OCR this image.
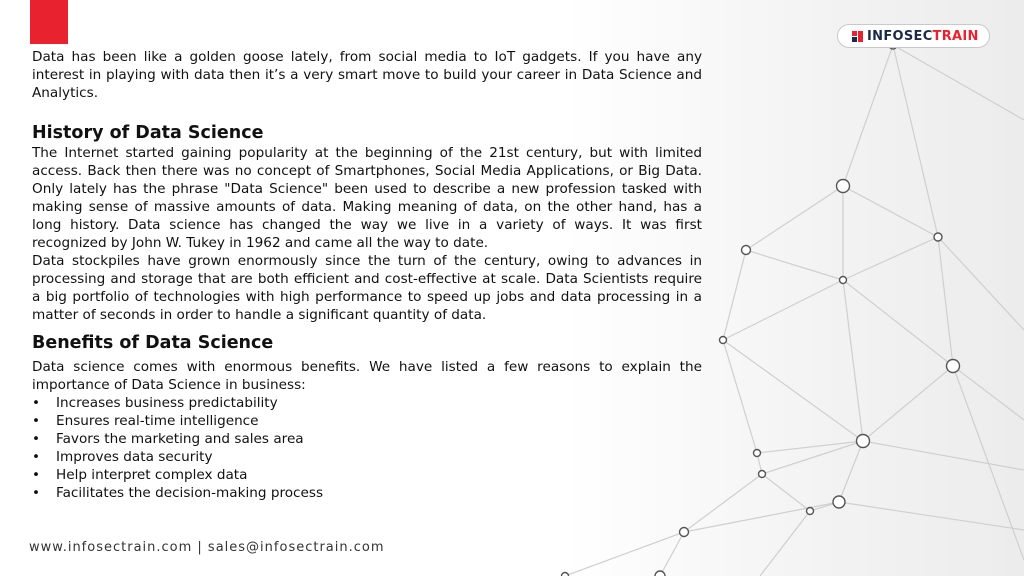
INFOSEC TRAIN

Data has been like a golden goose lately, from social media to IoT gadgets. If you have any interest in playing with data then it’s a very smart move to build your career in Data Science and Analytics.

History of Data Science

The Internet started gaining popularity at the beginning of the 21st century, but with limited access. Back then there was no concept of Smartphones, Social Media Applications, or Big Data. Only lately has the phrase "Data Science" been used to describe a new profession tasked with making sense of massive amounts of data. Making meaning of data, on the other hand, has a long history. Data science has changed the way we live in a variety of ways. It was first recognized by John W. Tukey in 1962 and came all the way to date.

Data stockpiles have grown enormously since the turn of the century, owing to advances in processing and storage that are both efficient and cost-effective at scale. Data Scientists require a big portfolio of technologies with high performance to speed up jobs and data processing in a matter of seconds in order to handle a significant quantity of data.

Benefits of Data Science

Data science comes with enormous benefits. We have listed a few reasons to explain the importance of Data Science in business:

• Increases business predictability
• Ensures real-time intelligence
• Favors the marketing and sales area
• Improves data security
• Help interpret complex data
• Facilitates the decision-making process
www.infosectrain.com | sales@infosectrain.com
